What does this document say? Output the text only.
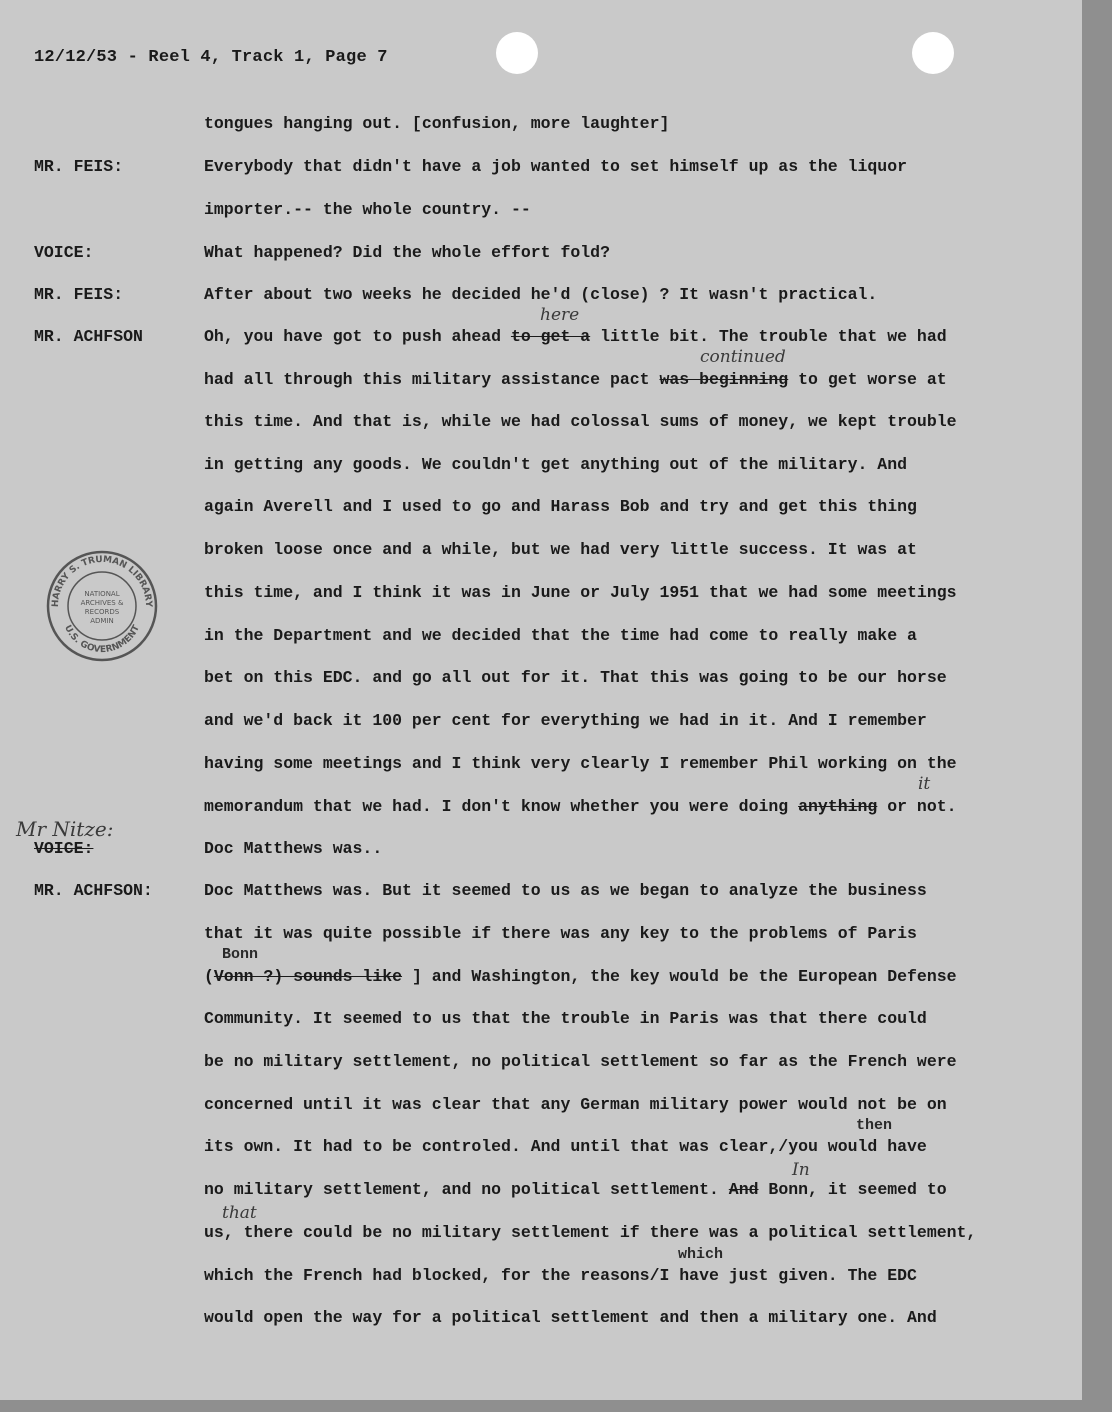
12/12/53 - Reel 4, Track 1, Page 7
HARRY S. TRUMAN LIBRARY
U.S. GOVERNMENT
NATIONAL
ARCHIVES &
RECORDS
ADMIN
tongues hanging out. [confusion, more laughter]
MR. FEIS:	Everybody that didn't have a job wanted to set himself up as the liquor
importer.-- the whole country. --
VOICE:	What happened? Did the whole effort fold?
MR. FEIS:	After about two weeks he decided he'd (close) ? It wasn't practical.
MR. ACHFSON	Oh, you have got to push ahead to get a little bit. The trouble that we had
had all through this military assistance pact was beginning to get worse at
this time. And that is, while we had colossal sums of money, we kept trouble
in getting any goods. We couldn't get anything out of the military. And
again Averell and I used to go and Harass Bob and try and get this thing
broken loose once and a while, but we had very little success. It was at
this time, and I think it was in June or July 1951 that we had some meetings
in the Department and we decided that the time had come to really make a
bet on this EDC. and go all out for it. That this was going to be our horse
and we'd back it 100 per cent for everything we had in it. And I remember
having some meetings and I think very clearly I remember Phil working on the
memorandum that we had. I don't know whether you were doing anything or not.
VOICE:	Doc Matthews was..
MR. ACHFSON:	Doc Matthews was. But it seemed to us as we began to analyze the business
that it was quite possible if there was any key to the problems of Paris
(Vonn ?) sounds like ] and Washington, the key would be the European Defense
Community. It seemed to us that the trouble in Paris was that there could
be no military settlement, no political settlement so far as the French were
concerned until it was clear that any German military power would not be on
its own. It had to be controled. And until that was clear,/you would have
no military settlement, and no political settlement. And Bonn, it seemed to
us, there could be no military settlement if there was a political settlement,
which the French had blocked, for the reasons/I have just given. The EDC
would open the way for a political settlement and then a military one. And
here
continued
it
Mr Nitze:
Bonn
then
In
that
which
